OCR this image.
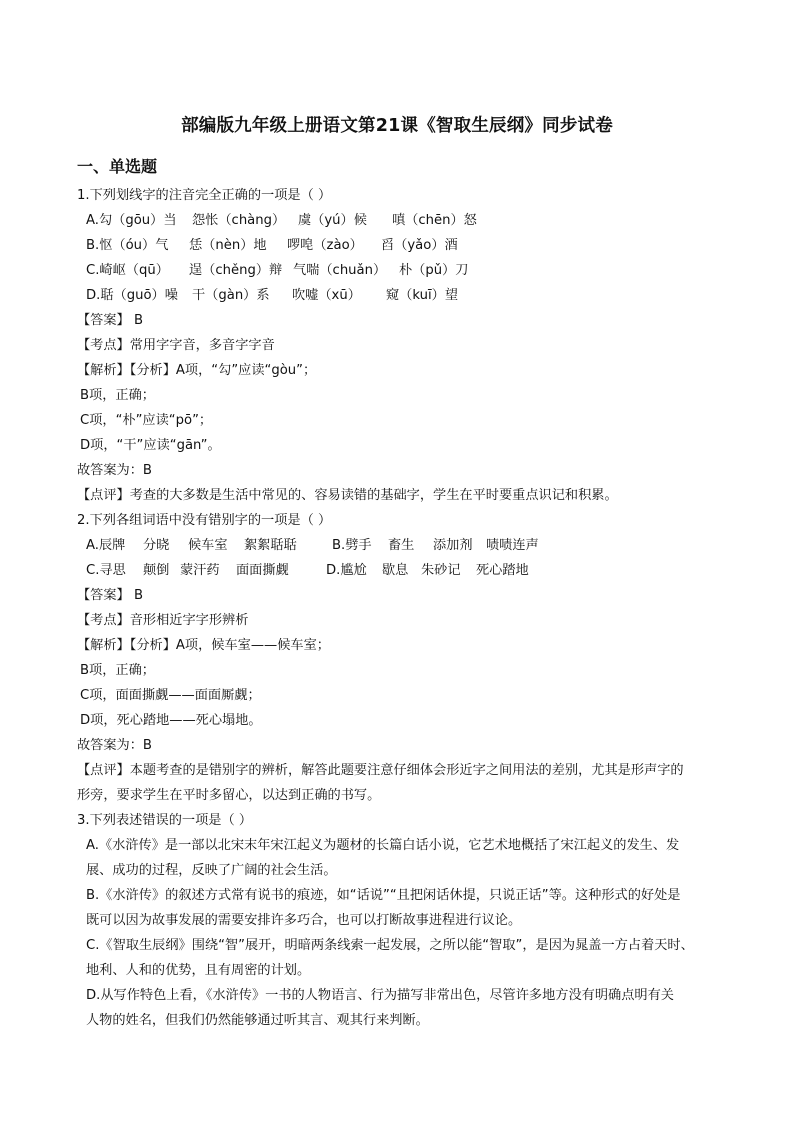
部编版九年级上册语文第21课《智取生辰纲》同步试卷
一、单选题
1.下列划线字的注音完全正确的一项是（ ）
A.勾（gōu）当 怨怅（chàng） 虞（yú）候 嗔（chēn）怒
B.怄（óu）气 恁（nèn）地 啰唣（zào） 舀（yǎo）酒
C.崎岖（qū） 逞（chěng）辩 气喘（chuǎn） 朴（pǔ）刀
D.聒（guō）噪 干（gàn）系 吹嘘（xū） 窥（kuī）望
【答案】 B
【考点】常用字字音，多音字字音
【解析】【分析】A项，“勾”应读“gòu”；
B项，正确；
C项，“朴”应读“pō”；
D项，“干”应读“gān”。
故答案为：B
【点评】考查的大多数是生活中常见的、容易读错的基础字，学生在平时要重点识记和积累。
2.下列各组词语中没有错别字的一项是（ ）
A.辰牌 分晓 候车室 絮絮聒聒	B.劈手 畜生 添加剂 啧啧连声
C.寻思 颠倒 蒙汗药 面面撕觑	D.尴尬 歇息 朱砂记 死心踏地
【答案】 B
【考点】音形相近字字形辨析
【解析】【分析】A项，候车室——候车室；
B项，正确；
C项，面面撕觑——面面厮觑；
D项，死心踏地——死心塌地。
故答案为：B
【点评】本题考查的是错别字的辨析，解答此题要注意仔细体会形近字之间用法的差别，尤其是形声字的
形旁，要求学生在平时多留心，以达到正确的书写。
3.下列表述错误的一项是（ ）
A.《水浒传》是一部以北宋末年宋江起义为题材的长篇白话小说，它艺术地概括了宋江起义的发生、发
展、成功的过程，反映了广阔的社会生活。
B.《水浒传》的叙述方式常有说书的痕迹，如“话说”“且把闲话休提，只说正话”等。这种形式的好处是
既可以因为故事发展的需要安排许多巧合，也可以打断故事进程进行议论。
C.《智取生辰纲》围绕“智”展开，明暗两条线索一起发展，之所以能“智取”，是因为晁盖一方占着天时、
地利、人和的优势，且有周密的计划。
D.从写作特色上看，《水浒传》一书的人物语言、行为描写非常出色，尽管许多地方没有明确点明有关
人物的姓名，但我们仍然能够通过听其言、观其行来判断。
